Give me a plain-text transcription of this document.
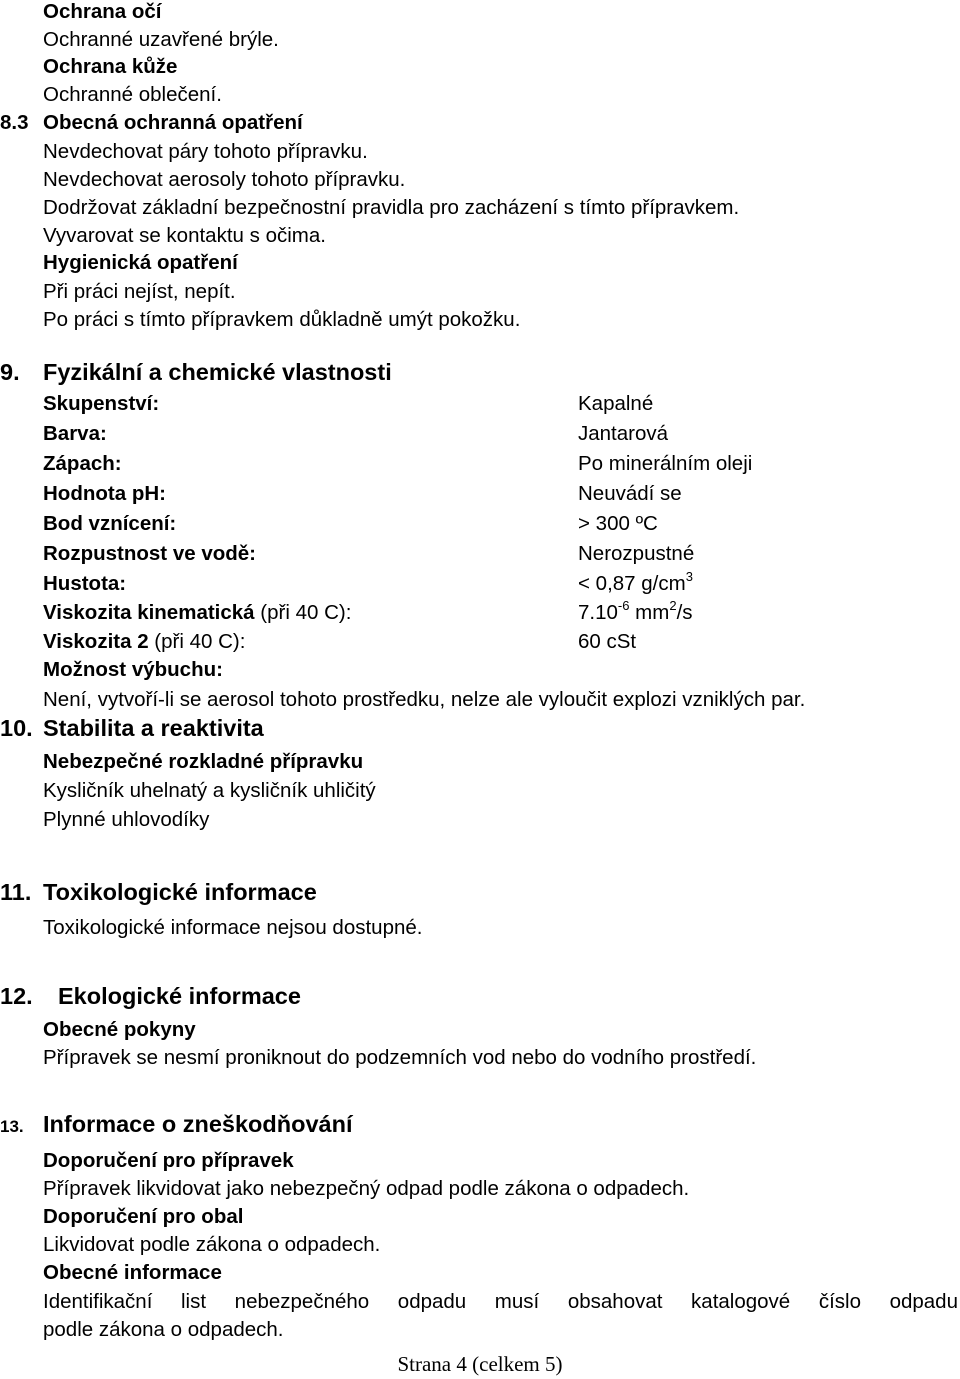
Ochrana očí
Ochranné uzavřené brýle.
Ochrana kůže
Ochranné oblečení.
8.3 Obecná ochranná opatření
Nevdechovat páry tohoto přípravku.
Nevdechovat aerosoly tohoto přípravku.
Dodržovat základní bezpečnostní pravidla pro zacházení s tímto přípravkem.
Vyvarovat se kontaktu s očima.
Hygienická opatření
Při práci nejíst, nepít.
Po práci s tímto přípravkem důkladně umýt pokožku.
9. Fyzikální a chemické vlastnosti
Skupenství:	Kapalné
Barva:	Jantarová
Zápach:	Po minerálním oleji
Hodnota pH:	Neuvádí se
Bod vznícení:	> 300 ºC
Rozpustnost ve vodě:	Nerozpustné
Hustota:	< 0,87 $g/cm^3$
Viskozita kinematická (při 40 C):	$7.10^{-6}$ $mm^2/s$
Viskozita 2 (při 40 C):	60 cSt
Možnost výbuchu:
Není, vytvoří-li se aerosol tohoto prostředku, nelze ale vyloučit explozi vzniklých par.
10. Stabilita a reaktivita
Nebezpečné rozkladné přípravku
Kysličník uhelnatý a kysličník uhličitý
Plynné uhlovodíky
11. Toxikologické informace
Toxikologické informace nejsou dostupné.
12. Ekologické informace
Obecné pokyny
Přípravek se nesmí proniknout do podzemních vod nebo do vodního prostředí.
13. Informace o zneškodňování
Doporučení pro přípravek
Přípravek likvidovat jako nebezpečný odpad podle zákona o odpadech.
Doporučení pro obal
Likvidovat podle zákona o odpadech.
Obecné informace
Identifikační list nebezpečného odpadu musí obsahovat katalogové číslo odpadu
podle zákona o odpadech.
Strana 4 (celkem 5)
